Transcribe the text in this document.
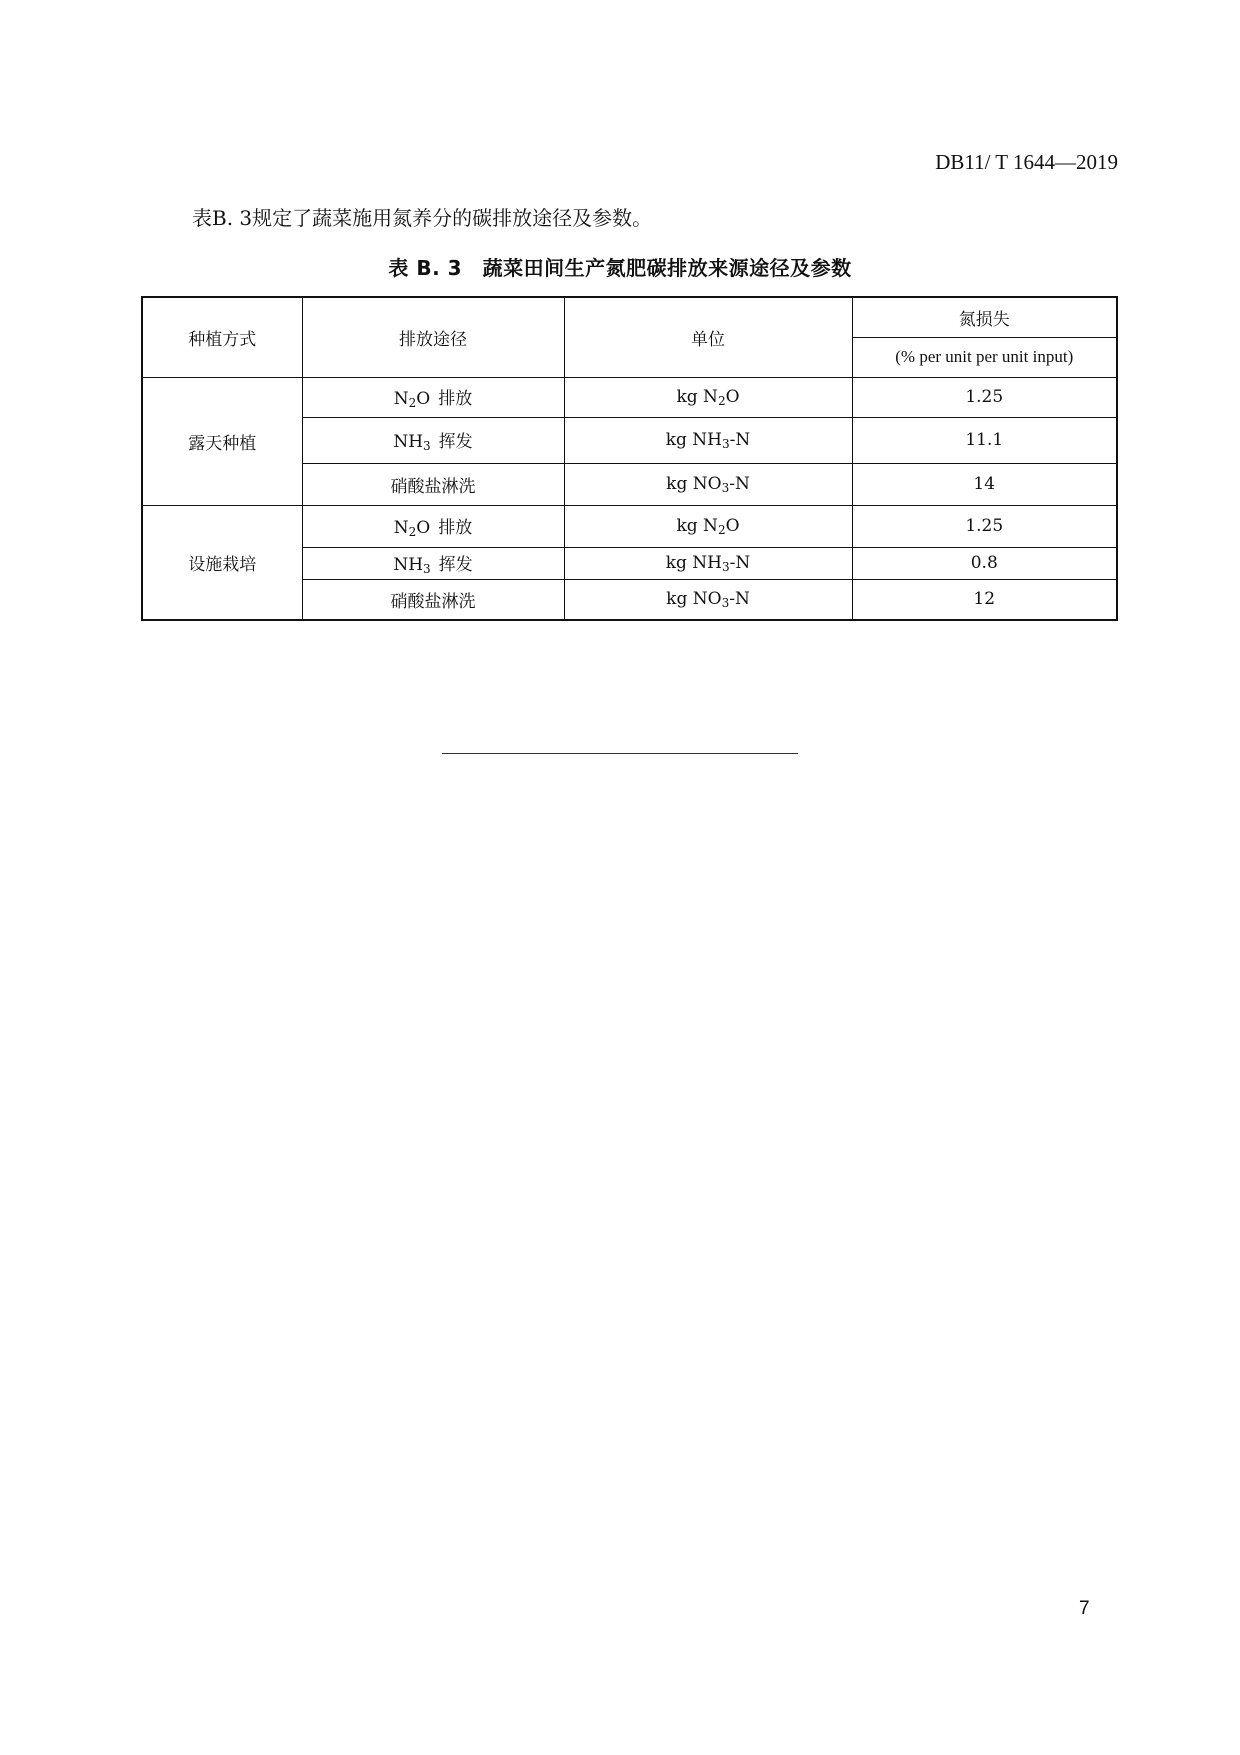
DB11/ T 1644—2019
表B. 3规定了蔬菜施用氮养分的碳排放途径及参数。
表 B. 3　蔬菜田间生产氮肥碳排放来源途径及参数
种植方式	排放途径	单位	氮损失
			(% per unit per unit input)
露天种植	$N_2O$ 排放	kg $N_2O$	1.25
	$NH_3$ 挥发	kg $NH_3-N$	11.1
	硝酸盐淋洗	kg $NO_3-N$	14
设施栽培	$N_2O$ 排放	kg $N_2O$	1.25
	$NH_3$ 挥发	kg $NH_3-N$	0.8
	硝酸盐淋洗	kg $NO_3-N$	12
7
